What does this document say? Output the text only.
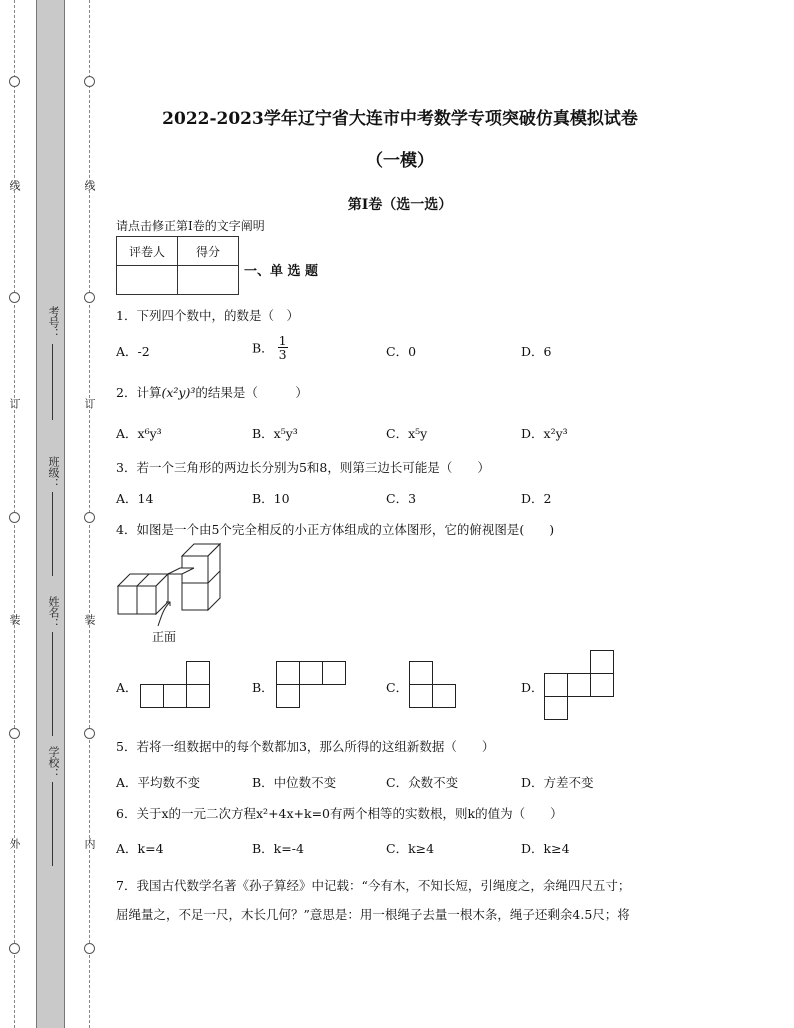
线
订
装
外
线
订
装
内
考号：
班级：
姓名：
学校：
2022-2023学年辽宁省大连市中考数学专项突破仿真模拟试卷
（一模）
第I卷（选一选）
请点击修正第I卷的文字阐明
评卷人	得分

一、单 选 题
1．下列四个数中，的数是（　）
A．-2	B． $\frac{1}{3}$	C．0	D．6
2．计算(x²y)³的结果是（　　　）
A．x⁶y³	B．x⁵y³	C．x⁵y	D．x²y³
3．若一个三角形的两边长分别为5和8，则第三边长可能是（　　）
A．14	B．10	C．3	D．2
4．如图是一个由5个完全相反的小正方体组成的立体图形，它的俯视图是(　　)
正面
A．	B．	C．	D．
5．若将一组数据中的每个数都加3，那么所得的这组新数据（　　）
A．平均数不变	B．中位数不变	C．众数不变	D．方差不变
6．关于x的一元二次方程x²+4x+k=0有两个相等的实数根，则k的值为（　　）
A．k=4	B．k=-4	C．k≥4	D．k≥4
7．我国古代数学名著《孙子算经》中记载：“今有木，不知长短，引绳度之，余绳四尺五寸；
屈绳量之，不足一尺，木长几何？”意思是：用一根绳子去量一根木条，绳子还剩余4.5尺；将
